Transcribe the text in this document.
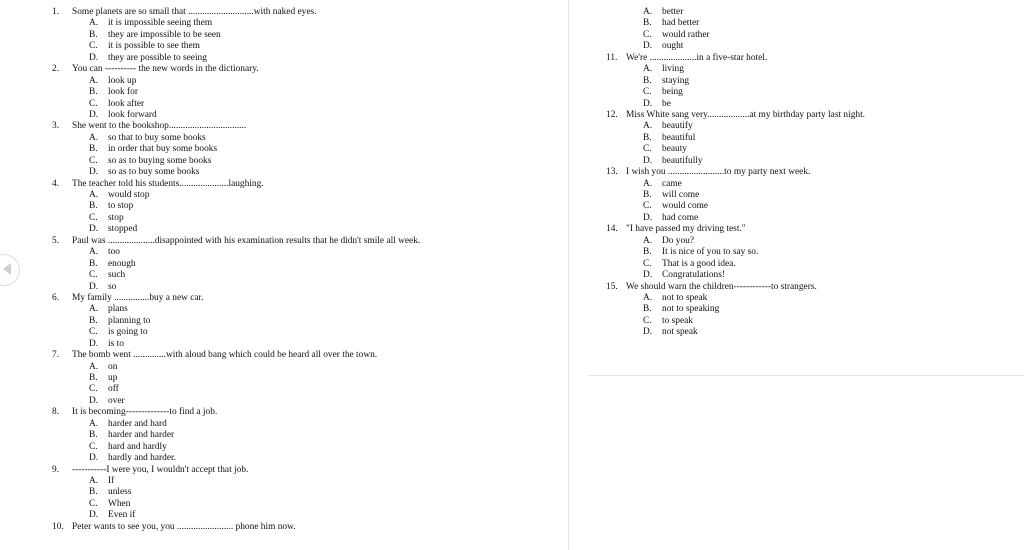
1. Some planets are so small that ............................with naked eyes.
A. it is impossible seeing them
B. they are impossible to be seen
C. it is possible to see them
D. they are possible to seeing
2. You can ---------- the new words in the dictionary.
A. look up
B. look for
C. look after
D. look forward
3. She went to the bookshop.................................
A. so that to buy some books
B. in order that buy some books
C. so as to buying some books
D. so as to buy some books
4. The teacher told his students.....................laughing.
A. would stop
B. to stop
C. stop
D. stopped
5. Paul was ....................disappointed with his examination results that he didn't smile all week.
A. too
B. enough
C. such
D. so
6. My family ...............buy a new car.
A. plans
B. planning to
C. is going to
D. is to
7. The bomb went ..............with aloud bang which could be heard all over the town.
A. on
B. up
C. off
D. over
8. It is becoming--------------to find a job.
A. harder and hard
B. harder and harder
C. hard and hardly
D. hardly and harder.
9. -----------I were you, I wouldn't accept that job.
A. If
B. unless
C. When
D. Even if
10. Peter wants to see you, you ........................ phone him now.
A. better
B. had better
C. would rather
D. ought
11. We're ....................in a five-star hotel.
A. living
B. staying
C. being
D. be
12. Miss White sang very..................at my birthday party last night.
A. beautify
B. beautiful
C. beauty
D. beautifully
13. I wish you ........................to my party next week.
A. came
B. will come
C. would come
D. had come
14. "I have passed my driving test."
A. Do you?
B. It is nice of you to say so.
C. That is a good idea.
D. Congratulations!
15. We should warn the children------------to strangers.
A. not to speak
B. not to speaking
C. to speak
D. not speak
